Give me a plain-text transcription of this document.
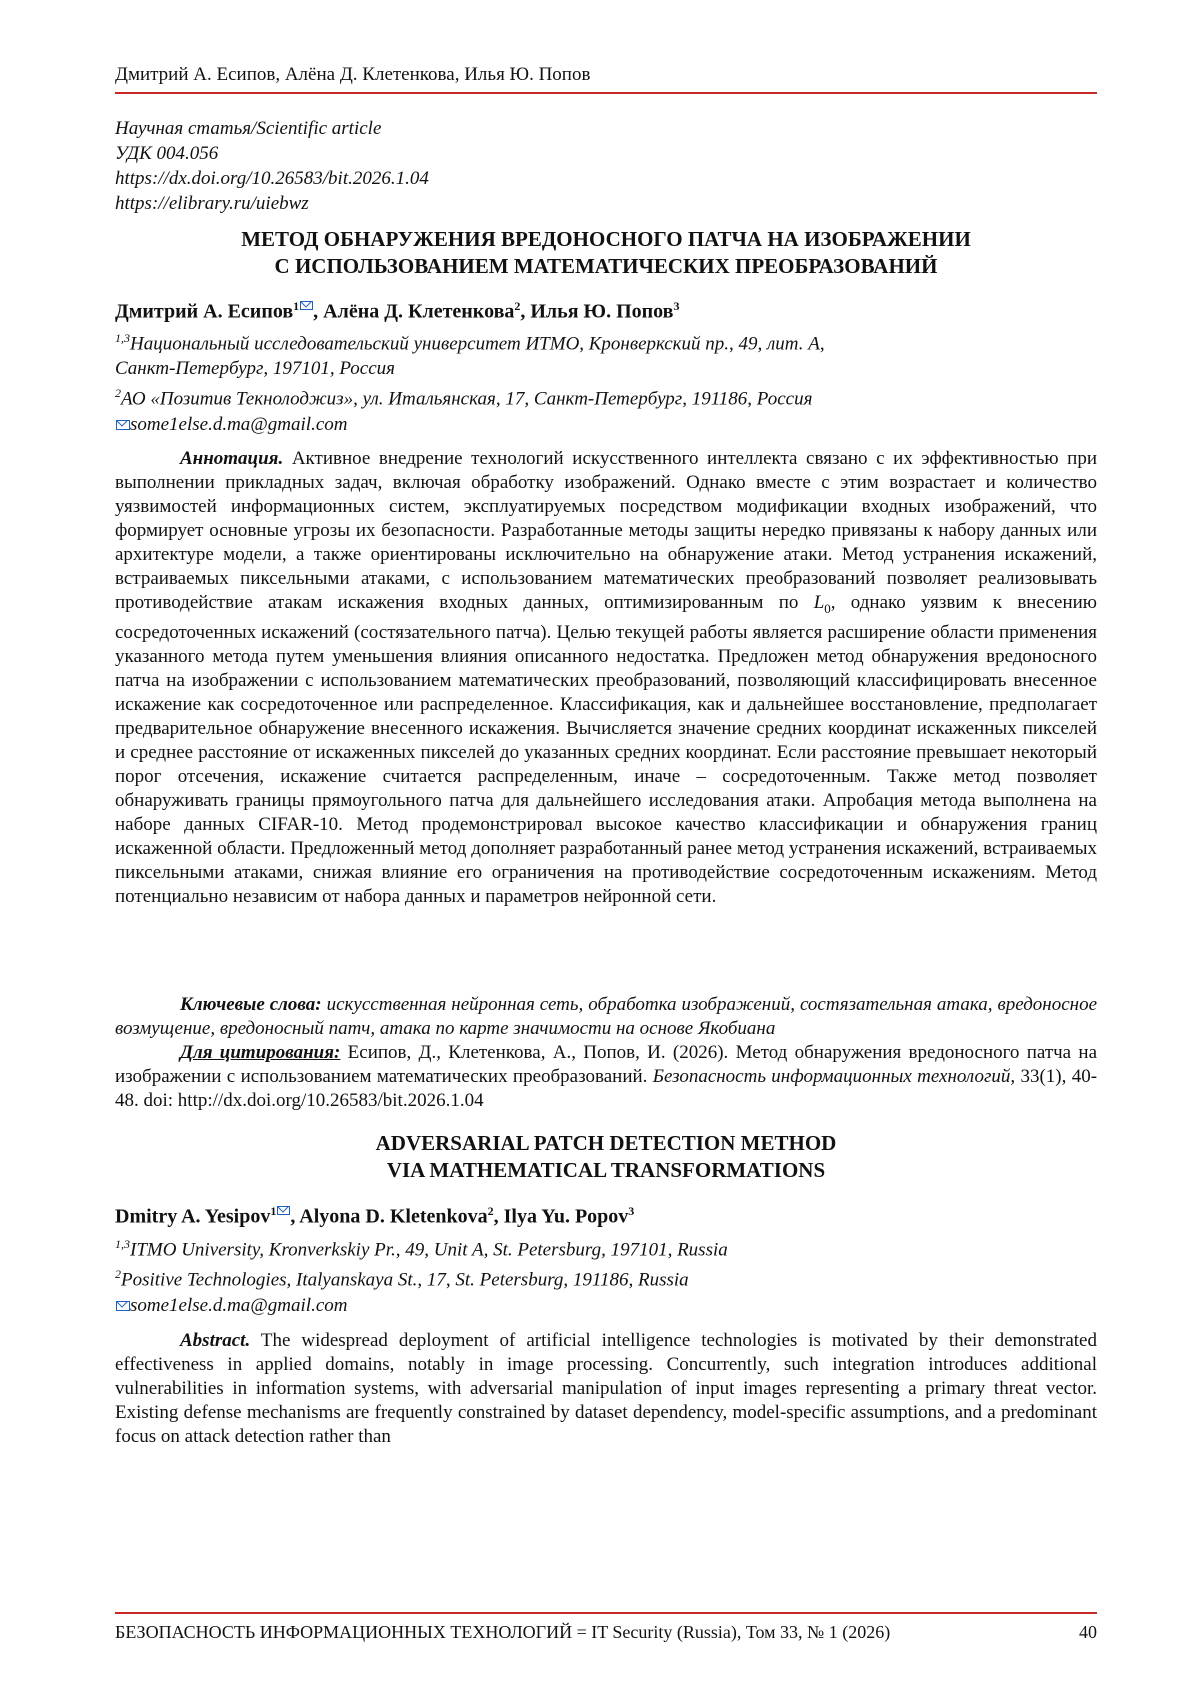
Дмитрий А. Есипов, Алёна Д. Клетенкова, Илья Ю. Попов
Научная статья/Scientific article
УДК 004.056
https://dx.doi.org/10.26583/bit.2026.1.04
https://elibrary.ru/uiebwz
МЕТОД ОБНАРУЖЕНИЯ ВРЕДОНОСНОГО ПАТЧА НА ИЗОБРАЖЕНИИ
С ИСПОЛЬЗОВАНИЕМ МАТЕМАТИЧЕСКИХ ПРЕОБРАЗОВАНИЙ
Дмитрий А. Есипов$^1$ , Алёна Д. Клетенкова$^2$, Илья Ю. Попов$^3$
$^{1,3}$Национальный исследовательский университет ИТМО, Кронверкский пр., 49, лит. А,
Санкт-Петербург, 197101, Россия
$^2$АО «Позитив Текнолоджиз», ул. Итальянская, 17, Санкт-Петербург, 191186, Россия
some1else.d.ma@gmail.com
Аннотация. Активное внедрение технологий искусственного интеллекта связано с их эффективностью при выполнении прикладных задач, включая обработку изображений. Однако вместе с этим возрастает и количество уязвимостей информационных систем, эксплуатируемых посредством модификации входных изображений, что формирует основные угрозы их безопасности. Разработанные методы защиты нередко привязаны к набору данных или архитектуре модели, а также ориентированы исключительно на обнаружение атаки. Метод устранения искажений, встраиваемых пиксельными атаками, с использованием математических преобразований позволяет реализовывать противодействие атакам искажения входных данных, оптимизированным по $L_0$, однако уязвим к внесению сосредоточенных искажений (состязательного патча). Целью текущей работы является расширение области применения указанного метода путем уменьшения влияния описанного недостатка. Предложен метод обнаружения вредоносного патча на изображении с использованием математических преобразований, позволяющий классифицировать внесенное искажение как сосредоточенное или распределенное. Классификация, как и дальнейшее восстановление, предполагает предварительное обнаружение внесенного искажения. Вычисляется значение средних координат искаженных пикселей и среднее расстояние от искаженных пикселей до указанных средних координат. Если расстояние превышает некоторый порог отсечения, искажение считается распределенным, иначе – сосредоточенным. Также метод позволяет обнаруживать границы прямоугольного патча для дальнейшего исследования атаки. Апробация метода выполнена на наборе данных CIFAR-10. Метод продемонстрировал высокое качество классификации и обнаружения границ искаженной области. Предложенный метод дополняет разработанный ранее метод устранения искажений, встраиваемых пиксельными атаками, снижая влияние его ограничения на противодействие сосредоточенным искажениям. Метод потенциально независим от набора данных и параметров нейронной сети.
Ключевые слова: искусственная нейронная сеть, обработка изображений, состязательная атака, вредоносное возмущение, вредоносный патч, атака по карте значимости на основе Якобиана
Для цитирования: Есипов, Д., Клетенкова, А., Попов, И. (2026). Метод обнаружения вредоносного патча на изображении с использованием математических преобразований. Безопасность информационных технологий, 33(1), 40-48. doi: http://dx.doi.org/10.26583/bit.2026.1.04
ADVERSARIAL PATCH DETECTION METHOD
VIA MATHEMATICAL TRANSFORMATIONS
Dmitry A. Yesipov$^1$ , Alyona D. Kletenkova$^2$, Ilya Yu. Popov$^3$
$^{1,3}$ITMO University, Kronverkskiy Pr., 49, Unit A, St. Petersburg, 197101, Russia
$^2$Positive Technologies, Italyanskaya St., 17, St. Petersburg, 191186, Russia
some1else.d.ma@gmail.com
Abstract. The widespread deployment of artificial intelligence technologies is motivated by their demonstrated effectiveness in applied domains, notably in image processing. Concurrently, such integration introduces additional vulnerabilities in information systems, with adversarial manipulation of input images representing a primary threat vector. Existing defense mechanisms are frequently constrained by dataset dependency, model-specific assumptions, and a predominant focus on attack detection rather than
БЕЗОПАСНОСТЬ ИНФОРМАЦИОННЫХ ТЕХНОЛОГИЙ = IT Security (Russia), Том 33, № 1 (2026)	40
